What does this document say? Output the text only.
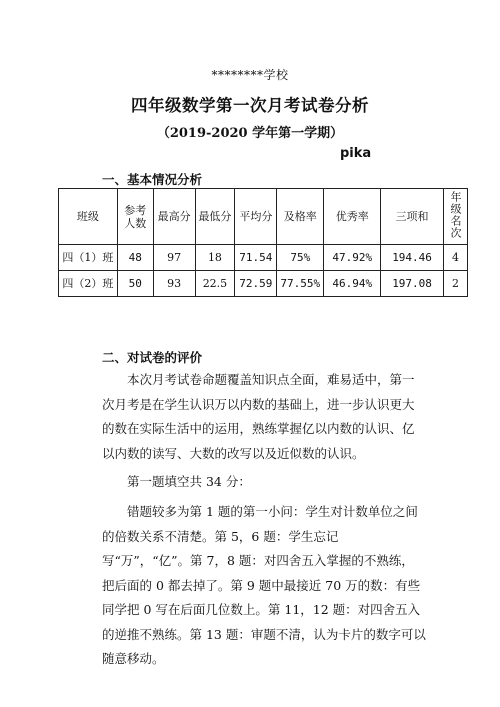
********学校
四年级数学第一次月考试卷分析
（2019-2020 学年第一学期）
pika
一、基本情况分析
班级	参考人数	最高分	最低分	平均分	及格率	优秀率	三项和	年级名次
四（1）班	48	97	18	71.54	75%	47.92%	194.46	4
四（2）班	50	93	22.5	72.59	77.55%	46.94%	197.08	2
二、对试卷的评价

本次月考试卷命题覆盖知识点全面，难易适中，第一次月考是在学生认识万以内数的基础上，进一步认识更大的数在实际生活中的运用，熟练掌握亿以内数的认识、亿以内数的读写、大数的改写以及近似数的认识。

第一题填空共 34 分：

错题较多为第 1 题的第一小问：学生对计数单位之间的倍数关系不清楚。第 5，6 题：学生忘记写“万”，“亿”。第 7，8 题：对四舍五入掌握的不熟练，把后面的 0 都去掉了。第 9 题中最接近 70 万的数：有些同学把 0 写在后面几位数上。第 11，12 题：对四舍五入的逆推不熟练。第 13 题：审题不清，认为卡片的数字可以随意移动。
